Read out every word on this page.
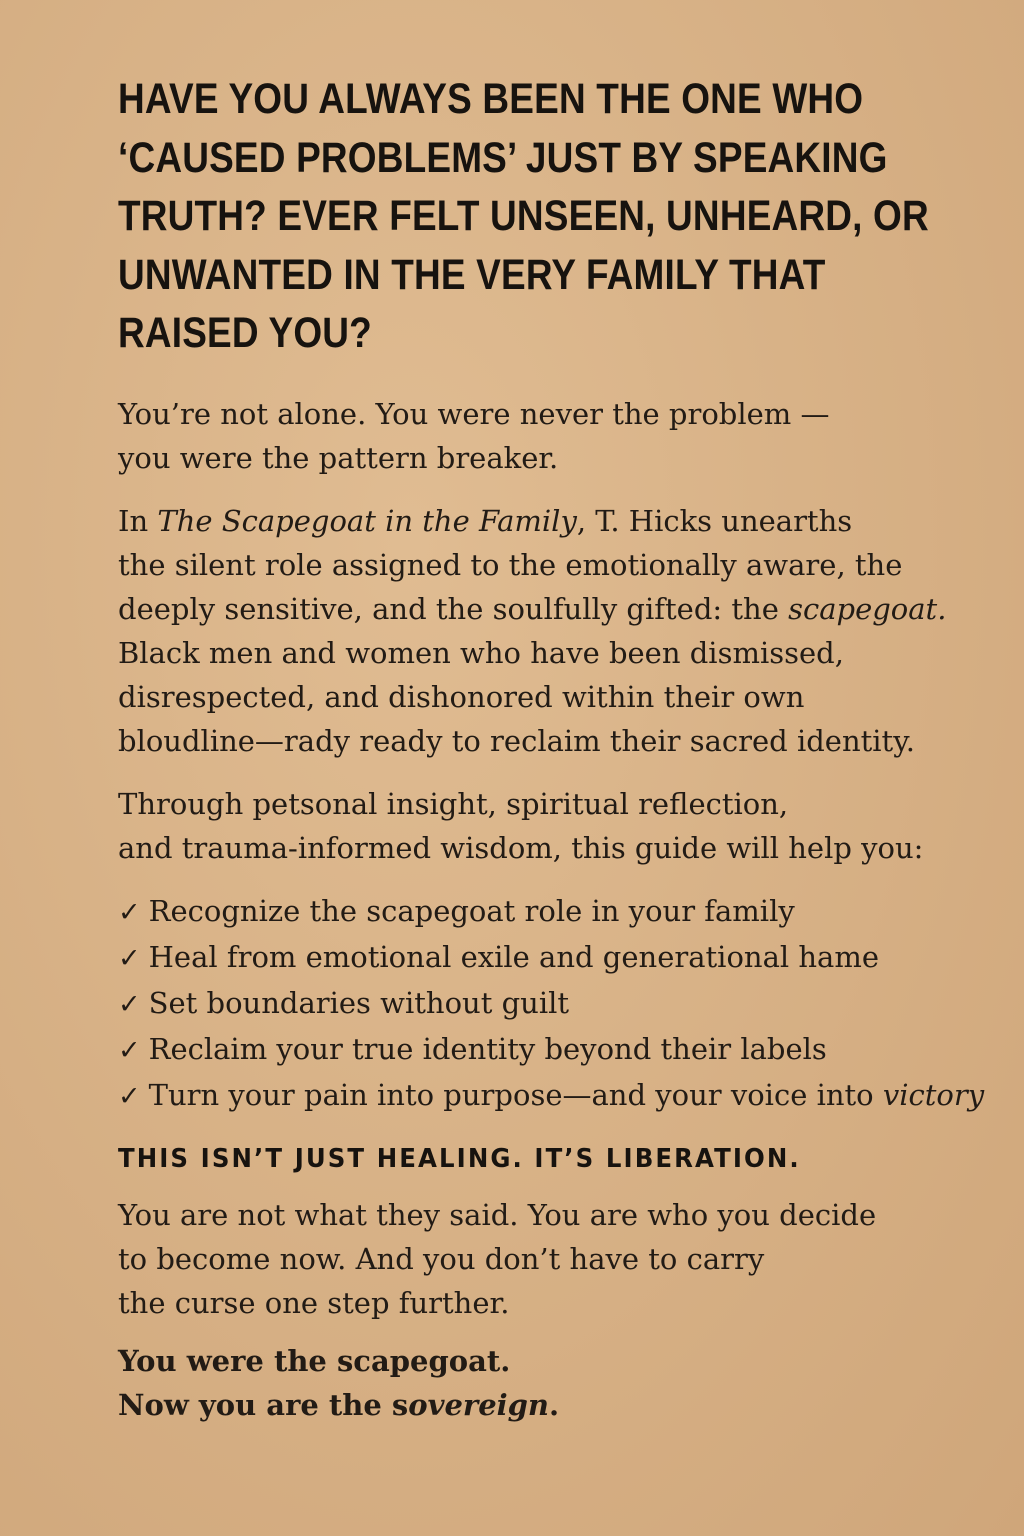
HAVE YOU ALWAYS BEEN THE ONE WHO
‘CAUSED PROBLEMS’ JUST BY SPEAKING
TRUTH? EVER FELT UNSEEN, UNHEARD, OR
UNWANTED IN THE VERY FAMILY THAT
RAISED YOU?

You’re not alone. You were never the problem —
you were the pattern breaker.

In The Scapegoat in the Family, T. Hicks unearths
the silent role assigned to the emotionally aware, the
deeply sensitive, and the soulfully gifted: the scapegoat.
Black men and women who have been dismissed,
disrespected, and dishonored within their own
bloudline—rady ready to reclaim their sacred identity.

Through petsonal insight, spiritual reflection,
and trauma-informed wisdom, this guide will help you:

✓ Recognize the scapegoat role in your family
✓ Heal from emotional exile and generational hame
✓ Set boundaries without guilt
✓ Reclaim your true identity beyond their labels
✓ Turn your pain into purpose—and your voice into victory
THIS ISN’T JUST HEALING. IT’S LIBERATION.

You are not what they said. You are who you decide
to become now. And you don’t have to carry
the curse one step further.

You were the scapegoat.
Now you are the sovereign.
